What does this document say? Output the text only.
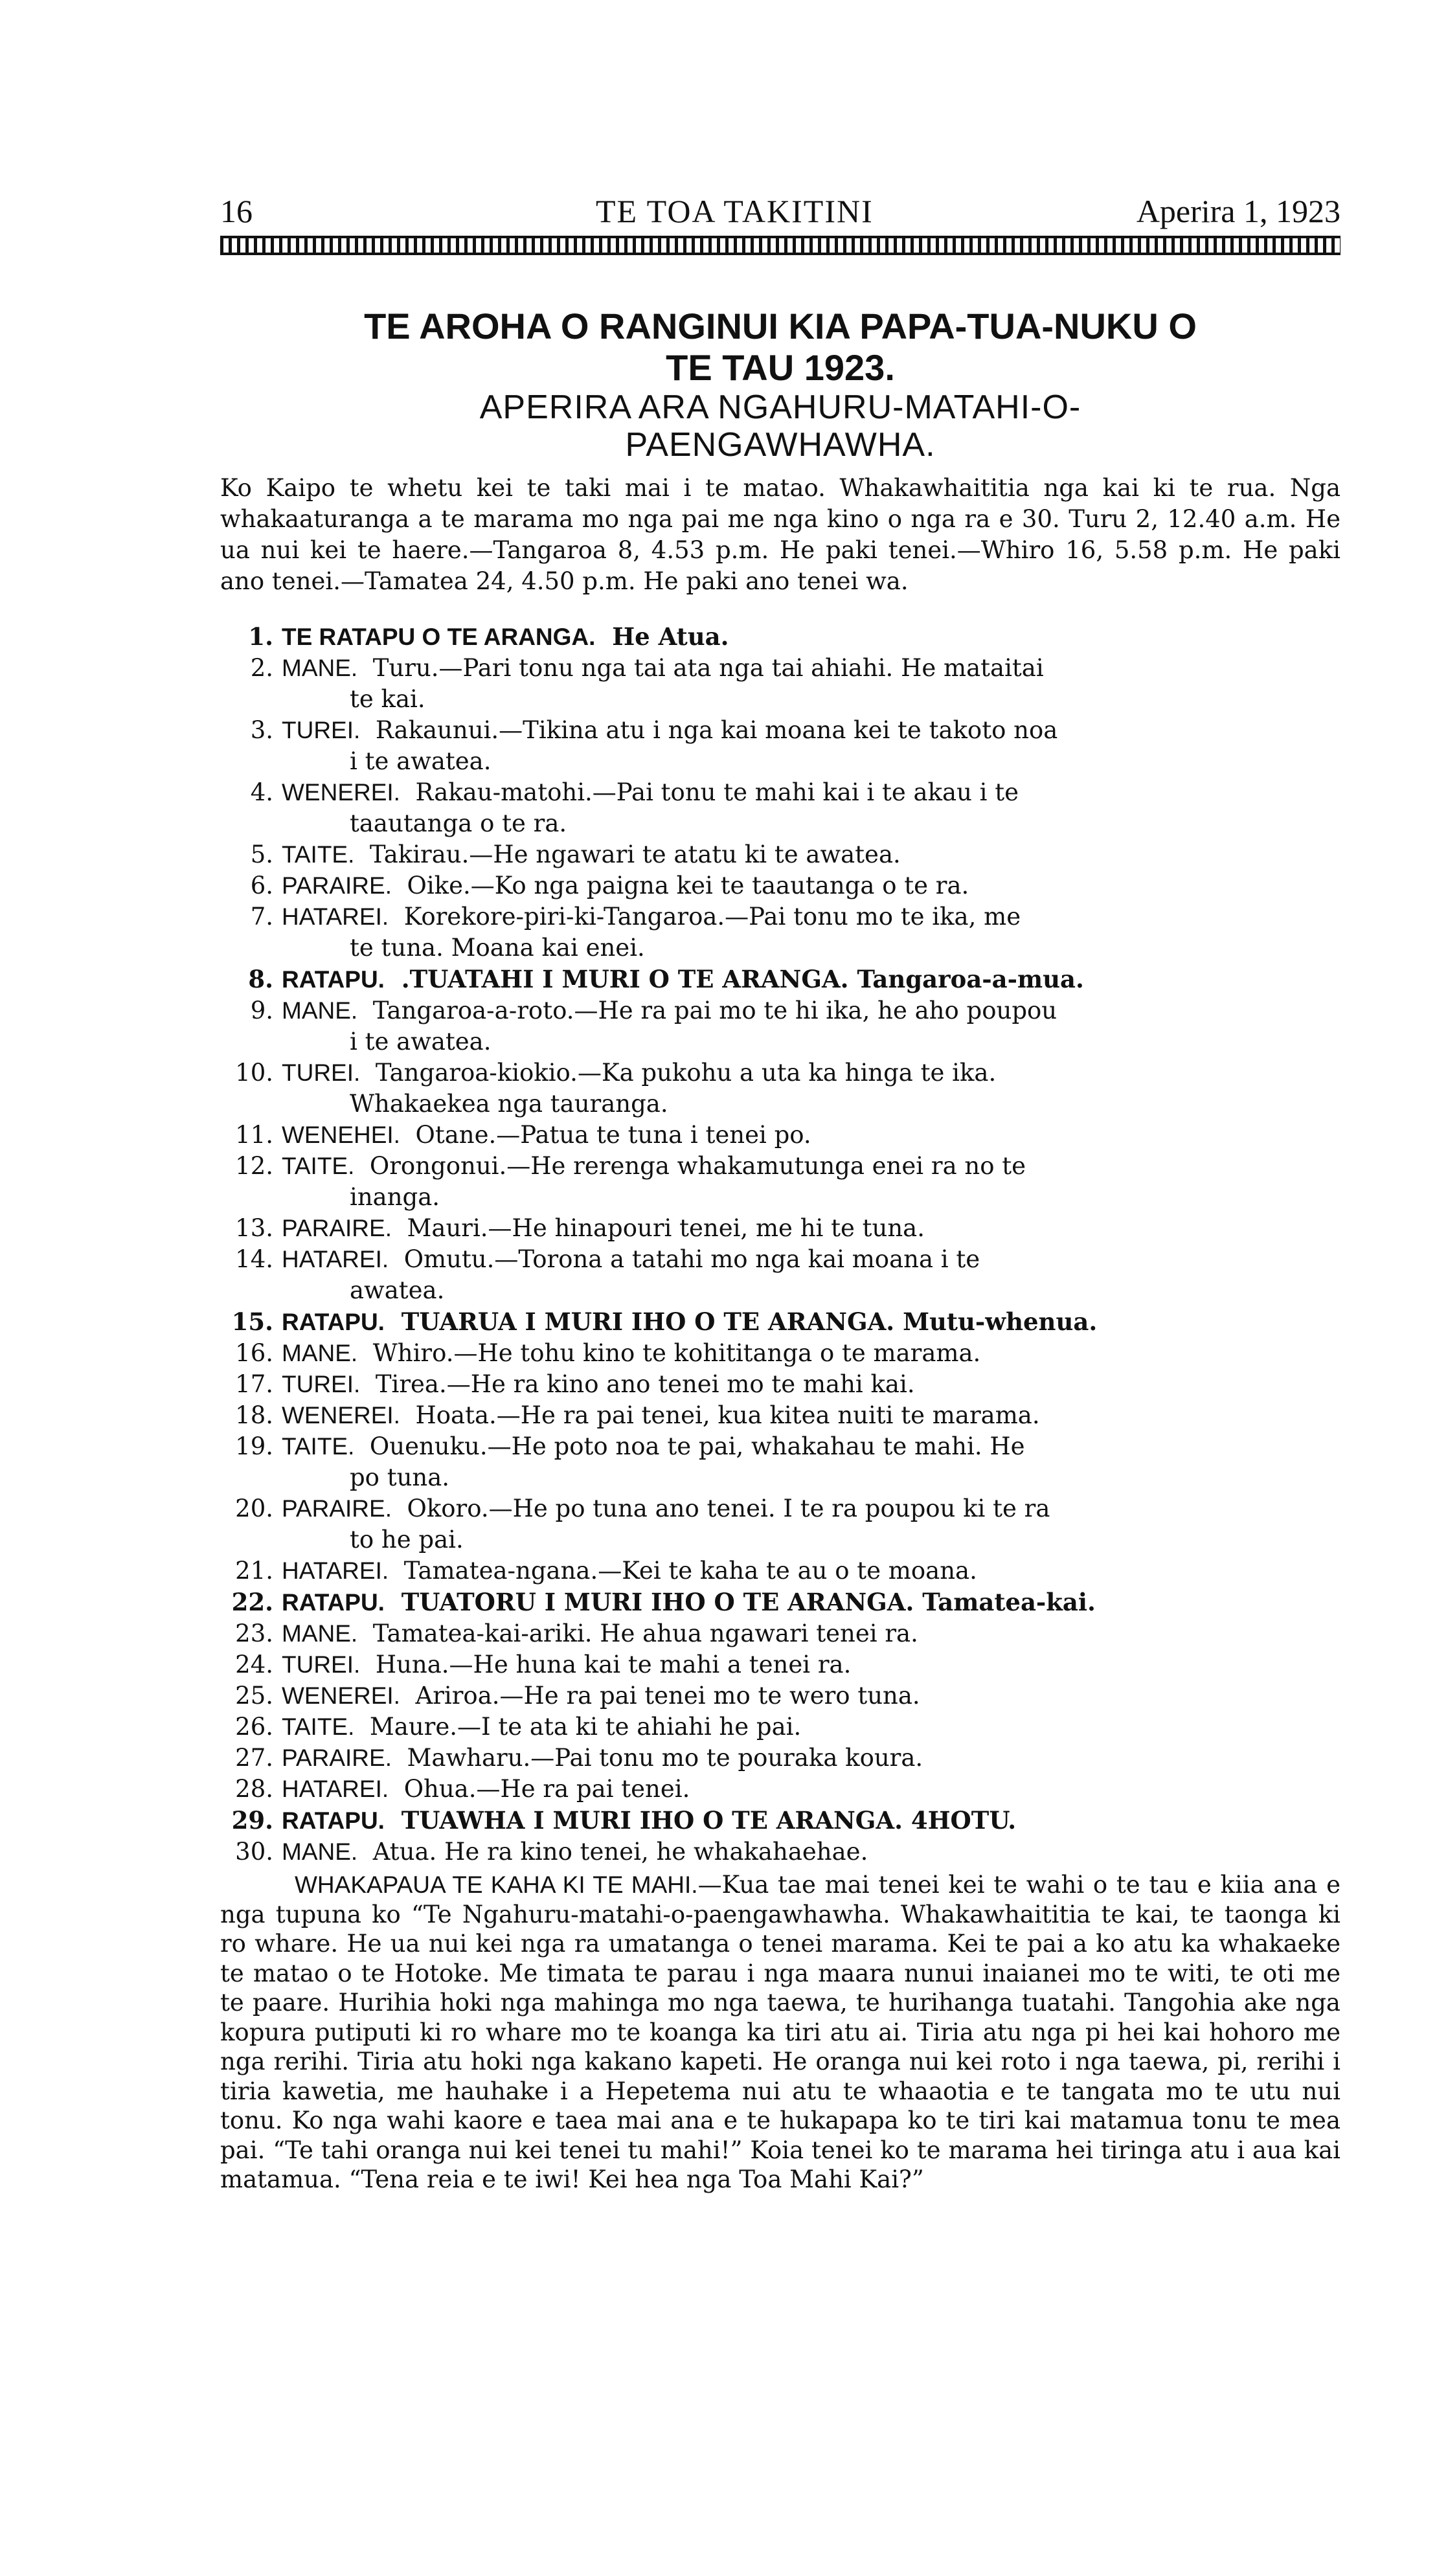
16	TE TOA TAKITINI	Aperira 1, 1923
TE AROHA O RANGINUI KIA PAPA-TUA-NUKU O
TE TAU 1923.
APERIRA ARA NGAHURU-MATAHI-O-
PAENGAWHAWHA.

Ko Kaipo te whetu kei te taki mai i te matao. Whakawhaititia nga kai ki te rua. Nga whakaaturanga a te marama mo nga pai me nga kino o nga ra e 30. Turu 2, 12.40 a.m. He ua nui kei te haere.—Tangaroa 8, 4.53 p.m. He paki tenei.—Whiro 16, 5.58 p.m. He paki ano tenei.—Tamatea 24, 4.50 p.m. He paki ano tenei wa.

1. TE RATAPU O TE ARANGA. He Atua.
2. MANE. Turu.—Pari tonu nga tai ata nga tai ahiahi. He mataitai
te kai.
3. TUREI. Rakaunui.—Tikina atu i nga kai moana kei te takoto noa
i te awatea.
4. WENEREI. Rakau-matohi.—Pai tonu te mahi kai i te akau i te
taautanga o te ra.
5. TAITE. Takirau.—He ngawari te atatu ki te awatea.
6. PARAIRE. Oike.—Ko nga paigna kei te taautanga o te ra.
7. HATAREI. Korekore-piri-ki-Tangaroa.—Pai tonu mo te ika, me
te tuna. Moana kai enei.
8. RATAPU. .TUATAHI I MURI O TE ARANGA. Tangaroa-a-mua.
9. MANE. Tangaroa-a-roto.—He ra pai mo te hi ika, he aho poupou
i te awatea.
10. TUREI. Tangaroa-kiokio.—Ka pukohu a uta ka hinga te ika.
Whakaekea nga tauranga.
11. WENEHEI. Otane.—Patua te tuna i tenei po.
12. TAITE. Orongonui.—He rerenga whakamutunga enei ra no te
inanga.
13. PARAIRE. Mauri.—He hinapouri tenei, me hi te tuna.
14. HATAREI. Omutu.—Torona a tatahi mo nga kai moana i te
awatea.
15. RATAPU. TUARUA I MURI IHO O TE ARANGA. Mutu-whenua.
16. MANE. Whiro.—He tohu kino te kohititanga o te marama.
17. TUREI. Tirea.—He ra kino ano tenei mo te mahi kai.
18. WENEREI. Hoata.—He ra pai tenei, kua kitea nuiti te marama.
19. TAITE. Ouenuku.—He poto noa te pai, whakahau te mahi. He
po tuna.
20. PARAIRE. Okoro.—He po tuna ano tenei. I te ra poupou ki te ra
to he pai.
21. HATAREI. Tamatea-ngana.—Kei te kaha te au o te moana.
22. RATAPU. TUATORU I MURI IHO O TE ARANGA. Tamatea-kai.
23. MANE. Tamatea-kai-ariki. He ahua ngawari tenei ra.
24. TUREI. Huna.—He huna kai te mahi a tenei ra.
25. WENEREI. Ariroa.—He ra pai tenei mo te wero tuna.
26. TAITE. Maure.—I te ata ki te ahiahi he pai.
27. PARAIRE. Mawharu.—Pai tonu mo te pouraka koura.
28. HATAREI. Ohua.—He ra pai tenei.
29. RATAPU. TUAWHA I MURI IHO O TE ARANGA. 4HOTU.
30. MANE. Atua. He ra kino tenei, he whakahaehae.

WHAKAPAUA TE KAHA KI TE MAHI.—Kua tae mai tenei kei te wahi o te tau e kiia ana e nga tupuna ko “Te Ngahuru-matahi-o-paengawhawha. Whakawhaititia te kai, te taonga ki ro whare. He ua nui kei nga ra umatanga o tenei marama. Kei te pai a ko atu ka whakaeke te matao o te Hotoke. Me timata te parau i nga maara nunui inaianei mo te witi, te oti me te paare. Hurihia hoki nga mahinga mo nga taewa, te hurihanga tuatahi. Tangohia ake nga kopura putiputi ki ro whare mo te koanga ka tiri atu ai. Tiria atu nga pi hei kai hohoro me nga rerihi. Tiria atu hoki nga kakano kapeti. He oranga nui kei roto i nga taewa, pi, rerihi i tiria kawetia, me hauhake i a Hepetema nui atu te whaaotia e te tangata mo te utu nui tonu. Ko nga wahi kaore e taea mai ana e te hukapapa ko te tiri kai matamua tonu te mea pai. “Te tahi oranga nui kei tenei tu mahi!” Koia tenei ko te marama hei tiringa atu i aua kai matamua. “Tena reia e te iwi! Kei hea nga Toa Mahi Kai?”
